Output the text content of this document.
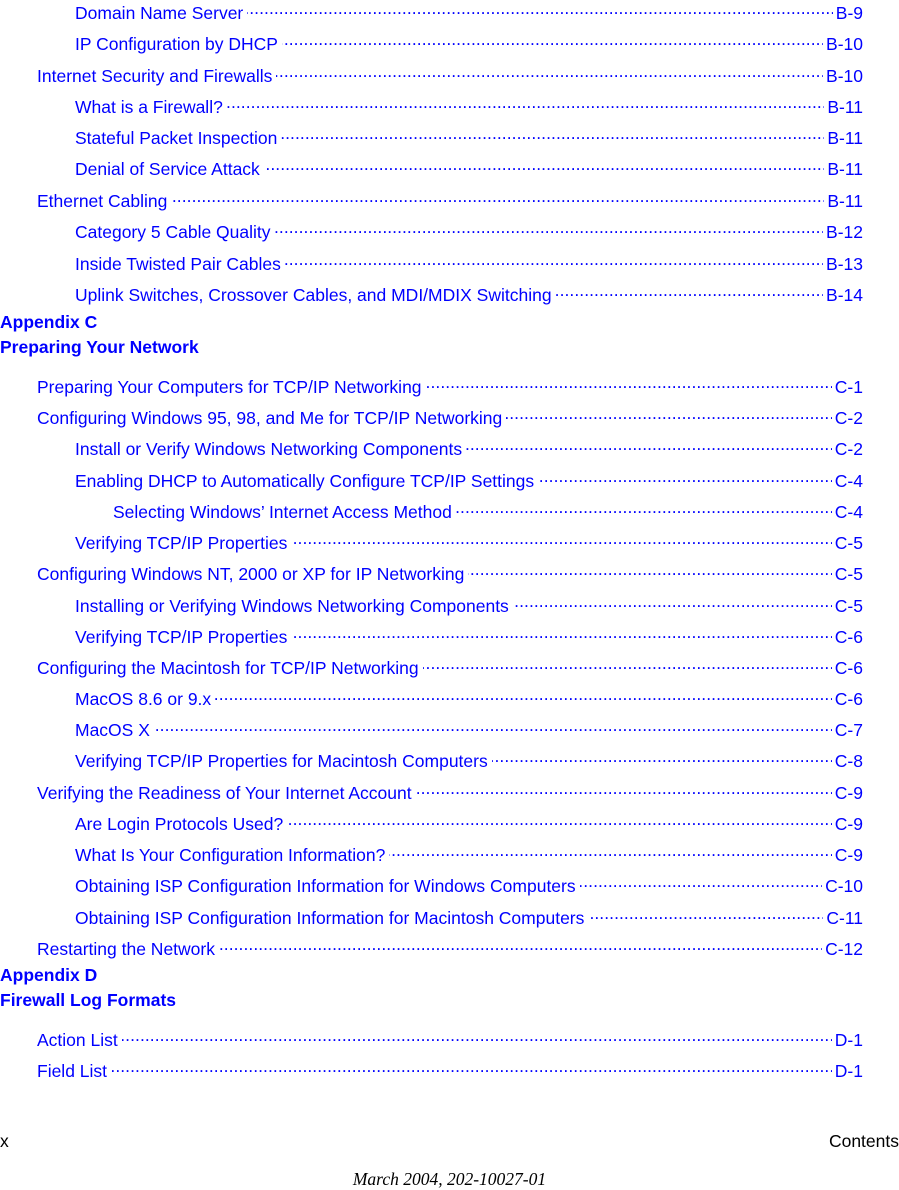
Domain Name Server . . .	B-9
IP Configuration by DHCP . . .	B-10
Internet Security and Firewalls . . .	B-10
What is a Firewall? . . .	B-11
Stateful Packet Inspection . . .	B-11
Denial of Service Attack . . .	B-11
Ethernet Cabling . . .	B-11
Category 5 Cable Quality . . .	B-12
Inside Twisted Pair Cables . . .	B-13
Uplink Switches, Crossover Cables, and MDI/MDIX Switching . . .	B-14
Appendix C
Preparing Your Network
Preparing Your Computers for TCP/IP Networking . . .	C-1
Configuring Windows 95, 98, and Me for TCP/IP Networking . . .	C-2
Install or Verify Windows Networking Components . . .	C-2
Enabling DHCP to Automatically Configure TCP/IP Settings . . .	C-4
Selecting Windows’ Internet Access Method . . .	C-4
Verifying TCP/IP Properties . . .	C-5
Configuring Windows NT, 2000 or XP for IP Networking . . .	C-5
Installing or Verifying Windows Networking Components . . .	C-5
Verifying TCP/IP Properties . . .	C-6
Configuring the Macintosh for TCP/IP Networking . . .	C-6
MacOS 8.6 or 9.x . . .	C-6
MacOS X . . .	C-7
Verifying TCP/IP Properties for Macintosh Computers . . .	C-8
Verifying the Readiness of Your Internet Account . . .	C-9
Are Login Protocols Used? . . .	C-9
What Is Your Configuration Information? . . .	C-9
Obtaining ISP Configuration Information for Windows Computers . . .	C-10
Obtaining ISP Configuration Information for Macintosh Computers . . .	C-11
Restarting the Network . . .	C-12
Appendix D
Firewall Log Formats
Action List . . .	D-1
Field List . . .	D-1
x	Contents
March 2004, 202-10027-01
